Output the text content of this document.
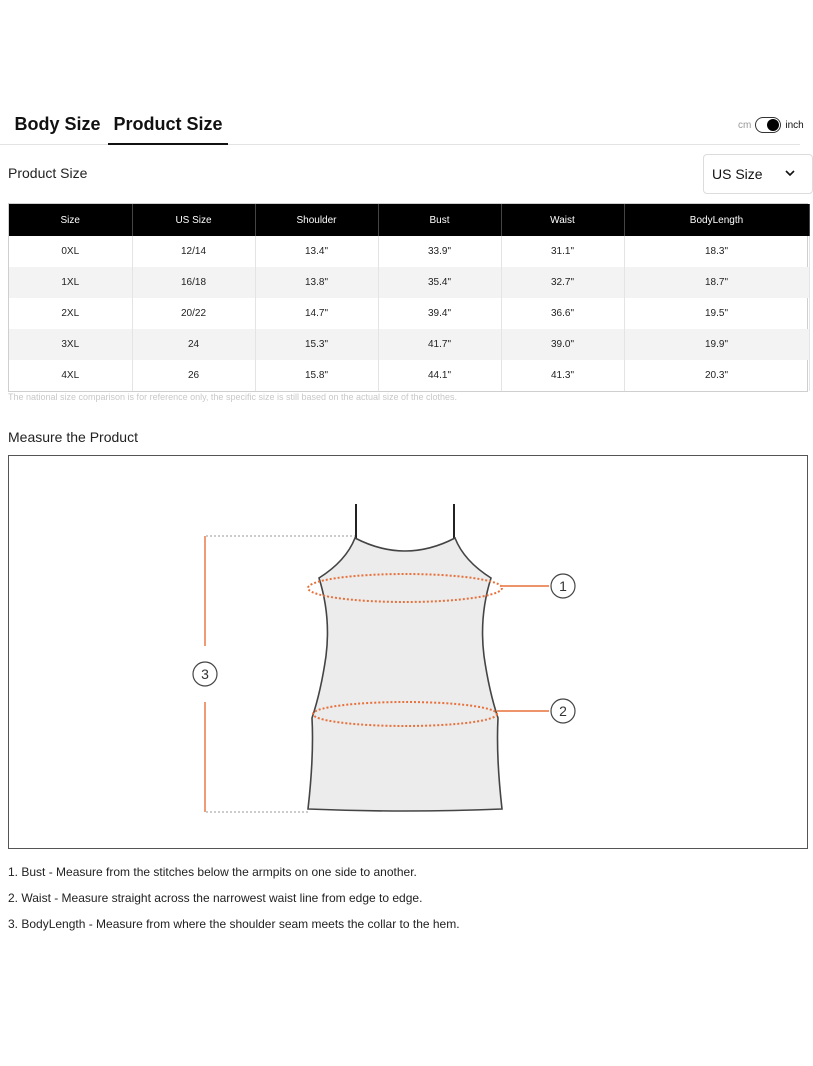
Body Size Product Size	cm	inch
Product Size	US Size
Size	US Size	Shoulder	Bust	Waist	BodyLength
0XL	12/14	13.4"	33.9"	31.1"	18.3"
1XL	16/18	13.8"	35.4"	32.7"	18.7"
2XL	20/22	14.7"	39.4"	36.6"	19.5"
3XL	24	15.3"	41.7"	39.0"	19.9"
4XL	26	15.8"	44.1"	41.3"	20.3"
The national size comparison is for reference only, the specific size is still based on the actual size of the clothes.
Measure the Product
1
2
3
1. Bust - Measure from the stitches below the armpits on one side to another.
2. Waist - Measure straight across the narrowest waist line from edge to edge.
3. BodyLength - Measure from where the shoulder seam meets the collar to the hem.
